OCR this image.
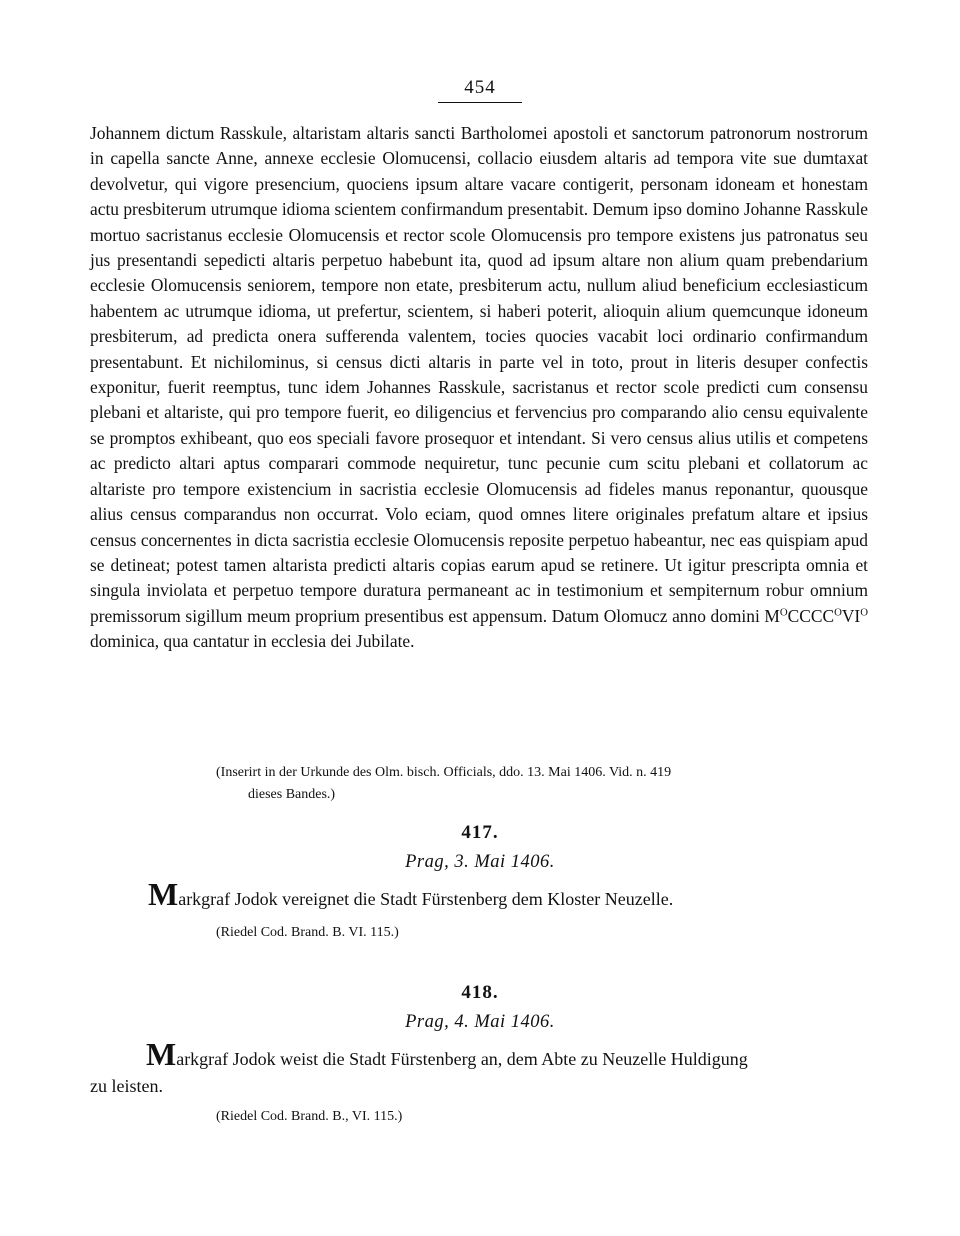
454

Johannem dictum Rasskule, altaristam altaris sancti Bartholomei apostoli et sanctorum patronorum nostrorum in capella sancte Anne, annexe ecclesie Olomucensi, collacio eiusdem altaris ad tempora vite sue dumtaxat devolvetur, qui vigore presencium, quociens ipsum altare vacare contigerit, personam idoneam et honestam actu presbiterum utrumque idioma scientem confirmandum presentabit. Demum ipso domino Johanne Rasskule mortuo sacristanus ecclesie Olomucensis et rector scole Olomucensis pro tempore existens jus patronatus seu jus presentandi sepedicti altaris perpetuo habebunt ita, quod ad ipsum altare non alium quam prebendarium ecclesie Olomucensis seniorem, tempore non etate, presbiterum actu, nullum aliud beneficium ecclesiasticum habentem ac utrumque idioma, ut prefertur, scientem, si haberi poterit, alioquin alium quemcunque idoneum presbiterum, ad predicta onera sufferenda valentem, tocies quocies vacabit loci ordinario confirmandum presentabunt. Et nichilominus, si census dicti altaris in parte vel in toto, prout in literis desuper confectis exponitur, fuerit reemptus, tunc idem Johannes Rasskule, sacristanus et rector scole predicti cum consensu plebani et altariste, qui pro tempore fuerit, eo diligencius et fervencius pro comparando alio censu equivalente se promptos exhibeant, quo eos speciali favore prosequor et intendant. Si vero census alius utilis et competens ac predicto altari aptus comparari commode nequiretur, tunc pecunie cum scitu plebani et collatorum ac altariste pro tempore existencium in sacristia ecclesie Olomucensis ad fideles manus reponantur, quousque alius census comparandus non occurrat. Volo eciam, quod omnes litere originales prefatum altare et ipsius census concernentes in dicta sacristia ecclesie Olomucensis reposite perpetuo habeantur, nec eas quispiam apud se detineat; potest tamen altarista predicti altaris copias earum apud se retinere. Ut igitur prescripta omnia et singula inviolata et perpetuo tempore duratura permaneant ac in testimonium et sempiternum robur omnium premissorum sigillum meum proprium presentibus est appensum. Datum Olomucz anno domini $M^OCCCC^OVI^O$ dominica, qua cantatur in ecclesia dei Jubilate.

(Inserirt in der Urkunde des Olm. bisch. Officials, ddo. 13. Mai 1406. Vid. n. 419
dieses Bandes.)

417.
Prag, 3. Mai 1406.

Markgraf Jodok vereignet die Stadt Fürstenberg dem Kloster Neuzelle.

(Riedel Cod. Brand. B. VI. 115.)

418.
Prag, 4. Mai 1406.

Markgraf Jodok weist die Stadt Fürstenberg an, dem Abte zu Neuzelle Huldigung
zu leisten.

(Riedel Cod. Brand. B., VI. 115.)
